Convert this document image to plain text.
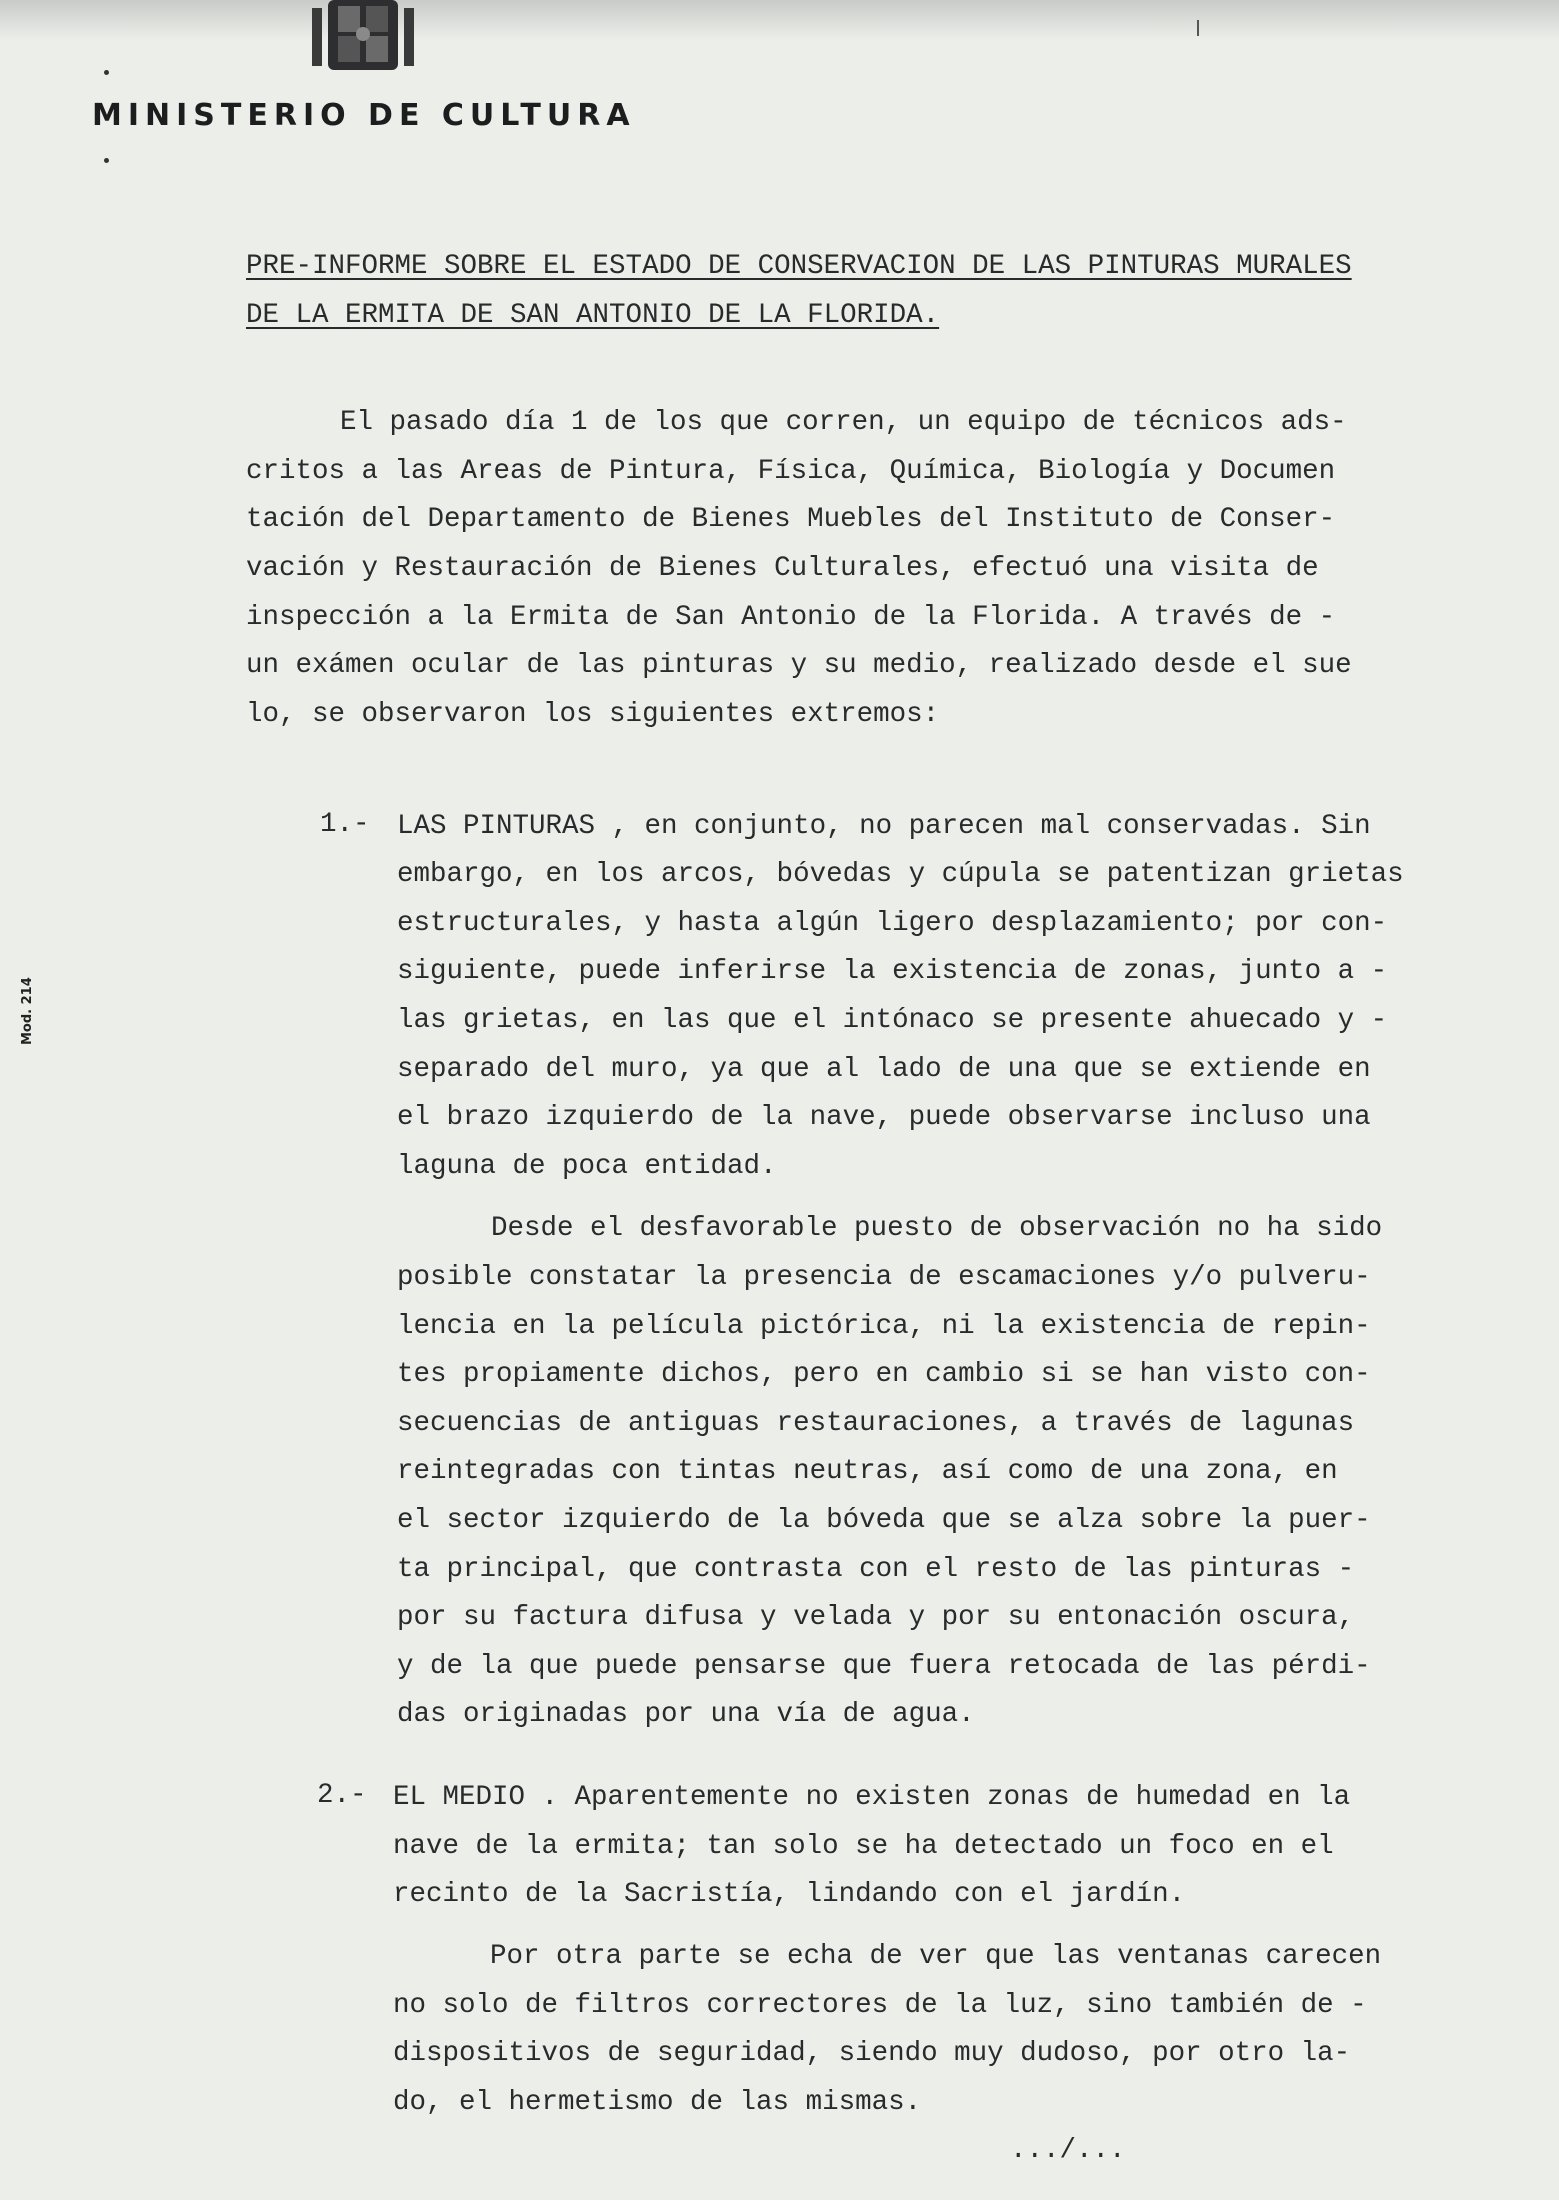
MINISTERIO DE CULTURA
Mod. 214
PRE-INFORME SOBRE EL ESTADO DE CONSERVACION DE LAS PINTURAS MURALES
DE LA ERMITA DE SAN ANTONIO DE LA FLORIDA.
El pasado día 1 de los que corren, un equipo de técnicos ads-
critos a las Areas de Pintura, Física, Química, Biología y Documen
tación del Departamento de Bienes Muebles del Instituto de Conser-
vación y Restauración de Bienes Culturales, efectuó una visita de
inspección a la Ermita de San Antonio de la Florida. A través de -
un exámen ocular de las pinturas y su medio, realizado desde el sue
lo, se observaron los siguientes extremos:
1.- LAS PINTURAS , en conjunto, no parecen mal conservadas. Sin
embargo, en los arcos, bóvedas y cúpula se patentizan grietas
estructurales, y hasta algún ligero desplazamiento; por con-
siguiente, puede inferirse la existencia de zonas, junto a -
las grietas, en las que el intónaco se presente ahuecado y -
separado del muro, ya que al lado de una que se extiende en
el brazo izquierdo de la nave, puede observarse incluso una
laguna de poca entidad.
Desde el desfavorable puesto de observación no ha sido
posible constatar la presencia de escamaciones y/o pulveru-
lencia en la película pictórica, ni la existencia de repin-
tes propiamente dichos, pero en cambio si se han visto con-
secuencias de antiguas restauraciones, a través de lagunas
reintegradas con tintas neutras, así como de una zona, en
el sector izquierdo de la bóveda que se alza sobre la puer-
ta principal, que contrasta con el resto de las pinturas -
por su factura difusa y velada y por su entonación oscura,
y de la que puede pensarse que fuera retocada de las pérdi-
das originadas por una vía de agua.
2.- EL MEDIO . Aparentemente no existen zonas de humedad en la
nave de la ermita; tan solo se ha detectado un foco en el
recinto de la Sacristía, lindando con el jardín.
Por otra parte se echa de ver que las ventanas carecen
no solo de filtros correctores de la luz, sino también de -
dispositivos de seguridad, siendo muy dudoso, por otro la-
do, el hermetismo de las mismas.
.../...
